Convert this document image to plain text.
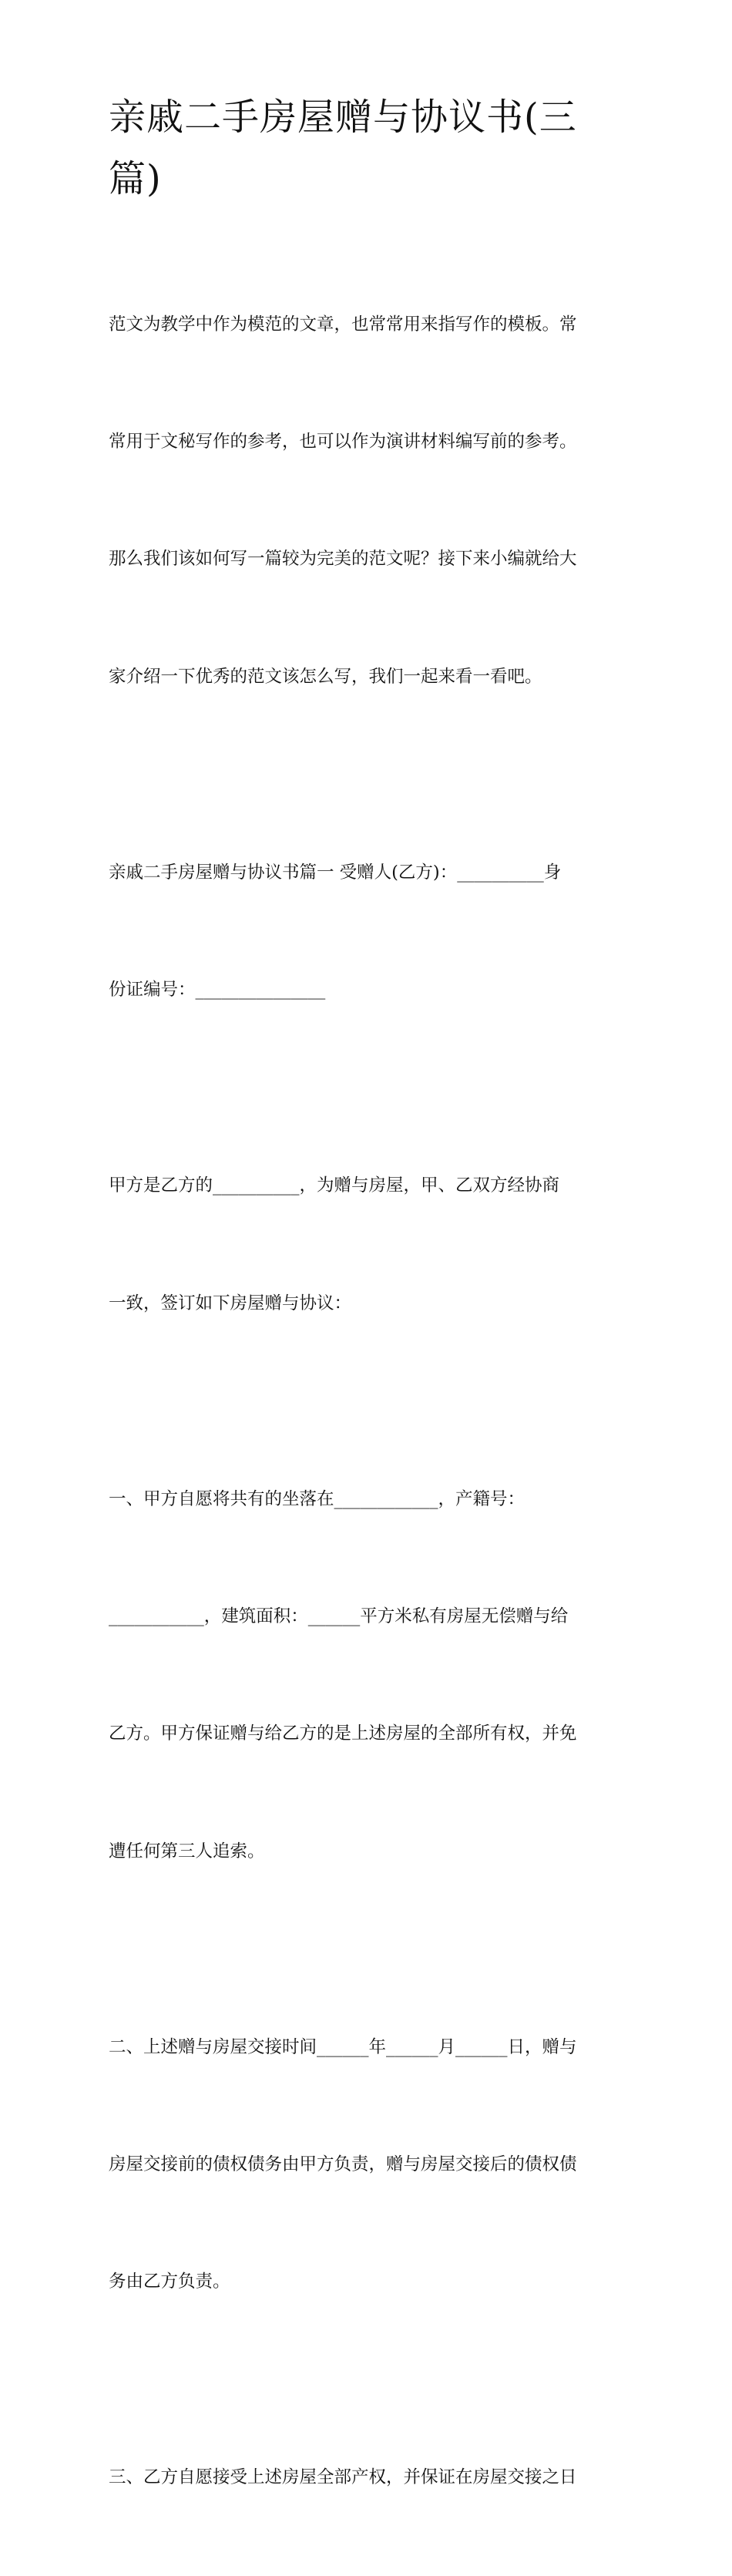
亲戚二手房屋赠与协议书(三
篇)

范文为教学中作为模范的文章，也常常用来指写作的模板。常

常用于文秘写作的参考，也可以作为演讲材料编写前的参考。

那么我们该如何写一篇较为完美的范文呢？接下来小编就给大

家介绍一下优秀的范文该怎么写，我们一起来看一看吧。

亲戚二手房屋赠与协议书篇一 受赠人(乙方)：__________身

份证编号：_______________

甲方是乙方的__________，为赠与房屋，甲、乙双方经协商

一致，签订如下房屋赠与协议：

一、甲方自愿将共有的坐落在____________，产籍号：

___________，建筑面积：______平方米私有房屋无偿赠与给

乙方。甲方保证赠与给乙方的是上述房屋的全部所有权，并免

遭任何第三人追索。

二、上述赠与房屋交接时间______年______月______日，赠与

房屋交接前的债权债务由甲方负责，赠与房屋交接后的债权债

务由乙方负责。

三、乙方自愿接受上述房屋全部产权，并保证在房屋交接之日
